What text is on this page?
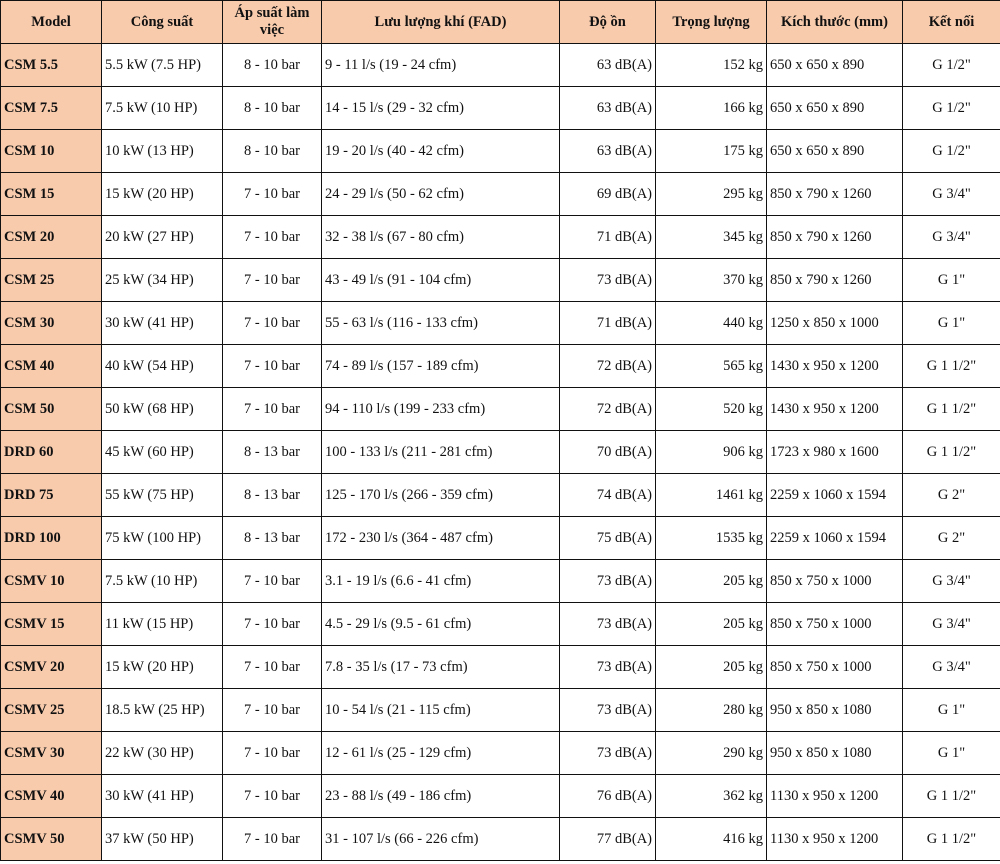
Model	Công suất	Áp suất làm việc	Lưu lượng khí (FAD)	Độ ồn	Trọng lượng	Kích thước (mm)	Kết nối
CSM 5.5	5.5 kW (7.5 HP)	8 - 10 bar	9 - 11 l/s (19 - 24 cfm)	63 dB(A)	152 kg	650 x 650 x 890	G 1/2"
CSM 7.5	7.5 kW (10 HP)	8 - 10 bar	14 - 15 l/s (29 - 32 cfm)	63 dB(A)	166 kg	650 x 650 x 890	G 1/2"
CSM 10	10 kW (13 HP)	8 - 10 bar	19 - 20 l/s (40 - 42 cfm)	63 dB(A)	175 kg	650 x 650 x 890	G 1/2"
CSM 15	15 kW (20 HP)	7 - 10 bar	24 - 29 l/s (50 - 62 cfm)	69 dB(A)	295 kg	850 x 790 x 1260	G 3/4"
CSM 20	20 kW (27 HP)	7 - 10 bar	32 - 38 l/s (67 - 80 cfm)	71 dB(A)	345 kg	850 x 790 x 1260	G 3/4"
CSM 25	25 kW (34 HP)	7 - 10 bar	43 - 49 l/s (91 - 104 cfm)	73 dB(A)	370 kg	850 x 790 x 1260	G 1"
CSM 30	30 kW (41 HP)	7 - 10 bar	55 - 63 l/s (116 - 133 cfm)	71 dB(A)	440 kg	1250 x 850 x 1000	G 1"
CSM 40	40 kW (54 HP)	7 - 10 bar	74 - 89 l/s (157 - 189 cfm)	72 dB(A)	565 kg	1430 x 950 x 1200	G 1 1/2"
CSM 50	50 kW (68 HP)	7 - 10 bar	94 - 110 l/s (199 - 233 cfm)	72 dB(A)	520 kg	1430 x 950 x 1200	G 1 1/2"
DRD 60	45 kW (60 HP)	8 - 13 bar	100 - 133 l/s (211 - 281 cfm)	70 dB(A)	906 kg	1723 x 980 x 1600	G 1 1/2"
DRD 75	55 kW (75 HP)	8 - 13 bar	125 - 170 l/s (266 - 359 cfm)	74 dB(A)	1461 kg	2259 x 1060 x 1594	G 2"
DRD 100	75 kW (100 HP)	8 - 13 bar	172 - 230 l/s (364 - 487 cfm)	75 dB(A)	1535 kg	2259 x 1060 x 1594	G 2"
CSMV 10	7.5 kW (10 HP)	7 - 10 bar	3.1 - 19 l/s (6.6 - 41 cfm)	73 dB(A)	205 kg	850 x 750 x 1000	G 3/4"
CSMV 15	11 kW (15 HP)	7 - 10 bar	4.5 - 29 l/s (9.5 - 61 cfm)	73 dB(A)	205 kg	850 x 750 x 1000	G 3/4"
CSMV 20	15 kW (20 HP)	7 - 10 bar	7.8 - 35 l/s (17 - 73 cfm)	73 dB(A)	205 kg	850 x 750 x 1000	G 3/4"
CSMV 25	18.5 kW (25 HP)	7 - 10 bar	10 - 54 l/s (21 - 115 cfm)	73 dB(A)	280 kg	950 x 850 x 1080	G 1"
CSMV 30	22 kW (30 HP)	7 - 10 bar	12 - 61 l/s (25 - 129 cfm)	73 dB(A)	290 kg	950 x 850 x 1080	G 1"
CSMV 40	30 kW (41 HP)	7 - 10 bar	23 - 88 l/s (49 - 186 cfm)	76 dB(A)	362 kg	1130 x 950 x 1200	G 1 1/2"
CSMV 50	37 kW (50 HP)	7 - 10 bar	31 - 107 l/s (66 - 226 cfm)	77 dB(A)	416 kg	1130 x 950 x 1200	G 1 1/2"
